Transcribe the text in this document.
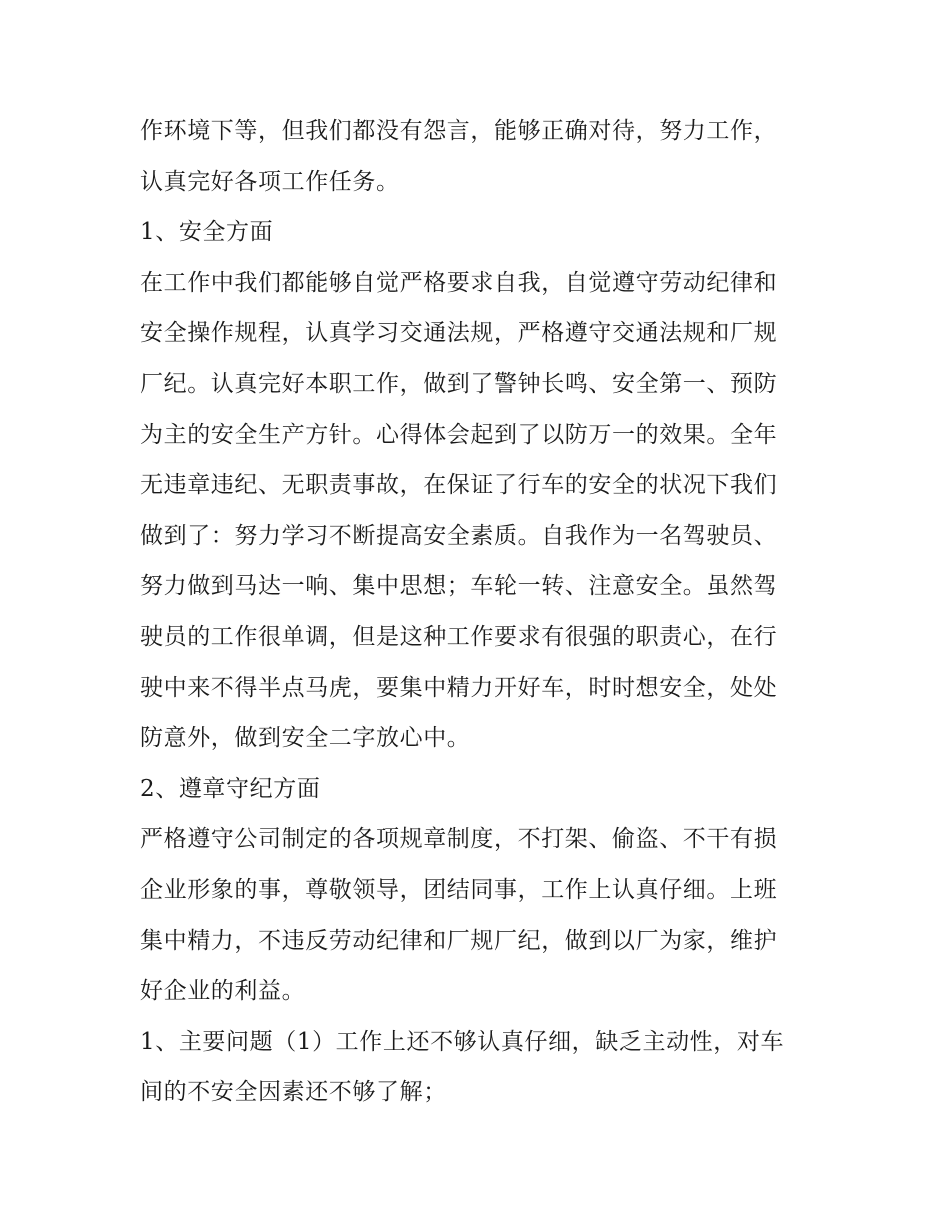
作环境下等，但我们都没有怨言，能够正确对待，努力工作，
认真完好各项工作任务。
1、安全方面
在工作中我们都能够自觉严格要求自我，自觉遵守劳动纪律和
安全操作规程，认真学习交通法规，严格遵守交通法规和厂规
厂纪。认真完好本职工作，做到了警钟长鸣、安全第一、预防
为主的安全生产方针。心得体会起到了以防万一的效果。全年
无违章违纪、无职责事故，在保证了行车的安全的状况下我们
做到了：努力学习不断提高安全素质。自我作为一名驾驶员、
努力做到马达一响、集中思想；车轮一转、注意安全。虽然驾
驶员的工作很单调，但是这种工作要求有很强的职责心，在行
驶中来不得半点马虎，要集中精力开好车，时时想安全，处处
防意外，做到安全二字放心中。
2、遵章守纪方面
严格遵守公司制定的各项规章制度，不打架、偷盗、不干有损
企业形象的事，尊敬领导，团结同事，工作上认真仔细。上班
集中精力，不违反劳动纪律和厂规厂纪，做到以厂为家，维护
好企业的利益。
1、主要问题（1）工作上还不够认真仔细，缺乏主动性，对车
间的不安全因素还不够了解；
